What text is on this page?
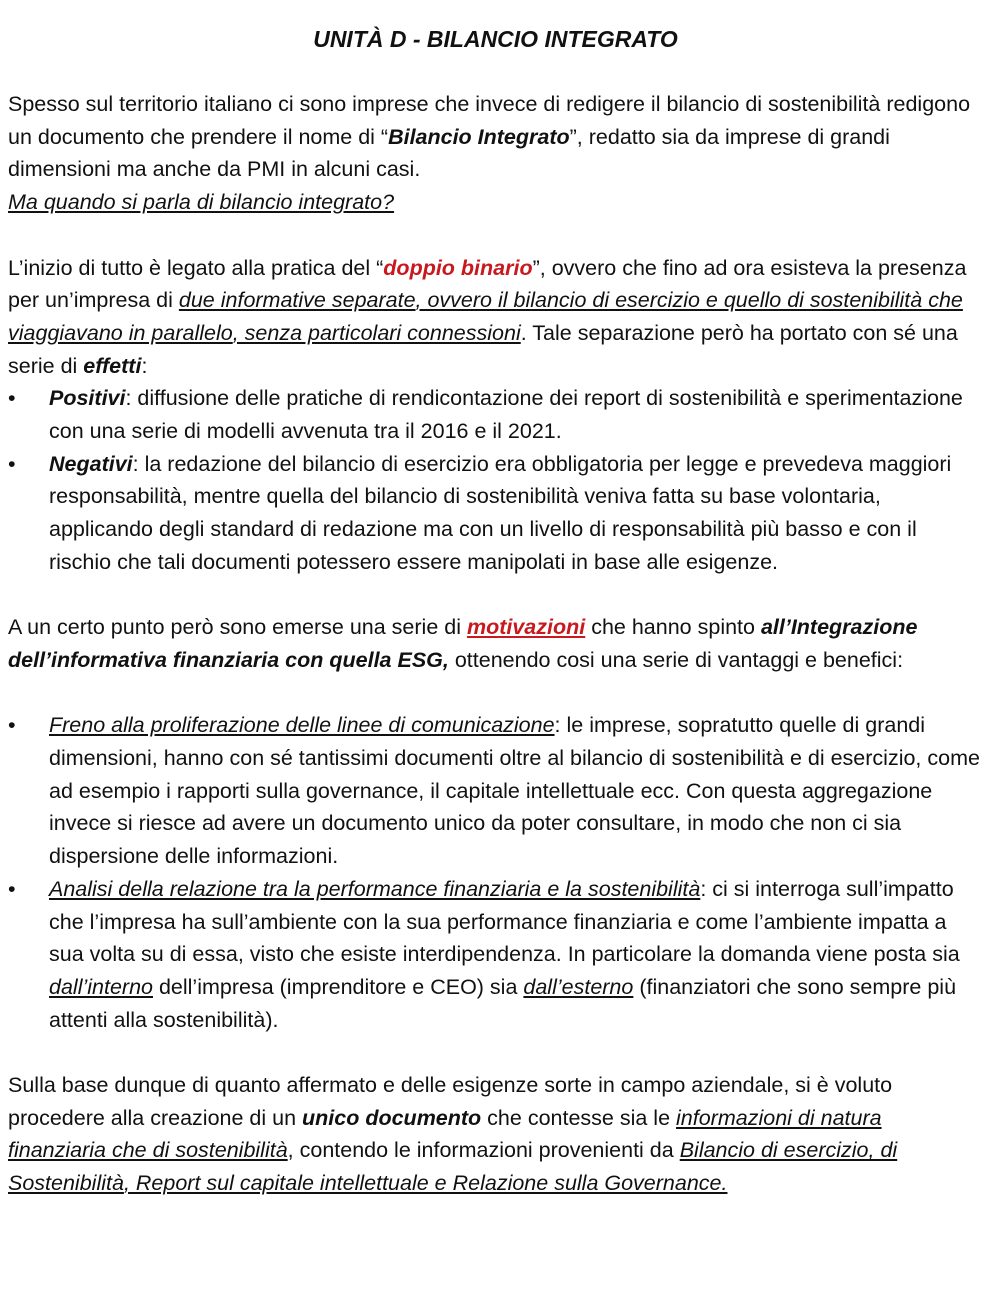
UNITÀ D - BILANCIO INTEGRATO

Spesso sul territorio italiano ci sono imprese che invece di redigere il bilancio di sostenibilità redigono un documento che prendere il nome di “Bilancio Integrato”, redatto sia da imprese di grandi dimensioni ma anche da PMI in alcuni casi.
Ma quando si parla di bilancio integrato?

L’inizio di tutto è legato alla pratica del “doppio binario”, ovvero che fino ad ora esisteva la presenza per un’impresa di due informative separate, ovvero il bilancio di esercizio e quello di sostenibilità che viaggiavano in parallelo, senza particolari connessioni. Tale separazione però ha portato con sé una serie di effetti:

• Positivi: diffusione delle pratiche di rendicontazione dei report di sostenibilità e sperimentazione con una serie di modelli avvenuta tra il 2016 e il 2021.
• Negativi: la redazione del bilancio di esercizio era obbligatoria per legge e prevedeva maggiori responsabilità, mentre quella del bilancio di sostenibilità veniva fatta su base volontaria, applicando degli standard di redazione ma con un livello di responsabilità più basso e con il rischio che tali documenti potessero essere manipolati in base alle esigenze.

A un certo punto però sono emerse una serie di motivazioni che hanno spinto all’Integrazione dell’informativa finanziaria con quella ESG, ottenendo cosi una serie di vantaggi e benefici:

• Freno alla proliferazione delle linee di comunicazione: le imprese, sopratutto quelle di grandi dimensioni, hanno con sé tantissimi documenti oltre al bilancio di sostenibilità e di esercizio, come ad esempio i rapporti sulla governance, il capitale intellettuale ecc. Con questa aggregazione invece si riesce ad avere un documento unico da poter consultare, in modo che non ci sia dispersione delle informazioni.
• Analisi della relazione tra la performance finanziaria e la sostenibilità: ci si interroga sull’impatto che l’impresa ha sull’ambiente con la sua performance finanziaria e come l’ambiente impatta a sua volta su di essa, visto che esiste interdipendenza. In particolare la domanda viene posta sia dall’interno dell’impresa (imprenditore e CEO) sia dall’esterno (finanziatori che sono sempre più attenti alla sostenibilità).

Sulla base dunque di quanto affermato e delle esigenze sorte in campo aziendale, si è voluto procedere alla creazione di un unico documento che contesse sia le informazioni di natura finanziaria che di sostenibilità, contendo le informazioni provenienti da Bilancio di esercizio, di Sostenibilità, Report sul capitale intellettuale e Relazione sulla Governance.
